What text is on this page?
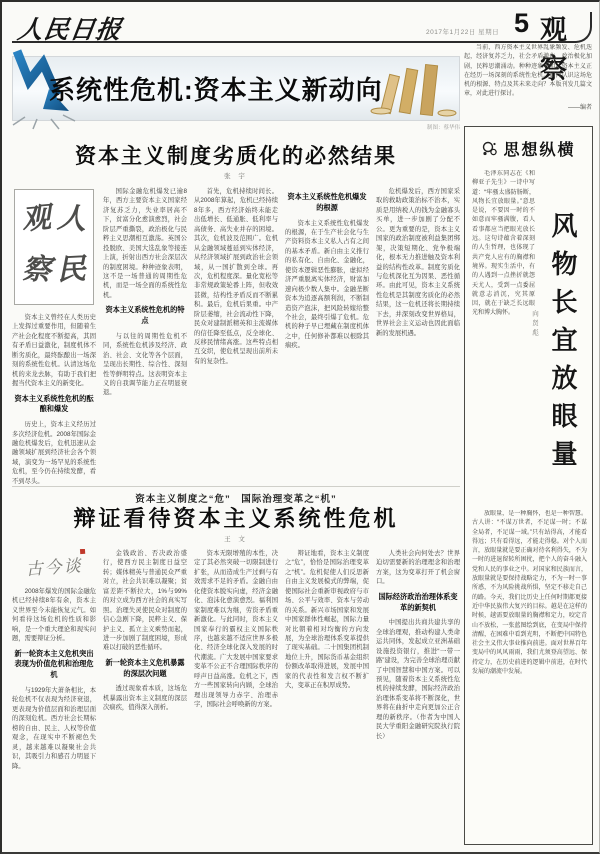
人民日报	2017年1月22日 星期日 5 观察
系统性危机:资本主义新动向
制图：蔡华伟
资本主义制度劣质化的必然结果
张 宇
观 人
察 民

资本主义曾经在人类历史上发挥过重要作用，但随着生产社会化程度不断提高，其固有矛盾日益激化，制度机体不断劣质化，最终酝酿出一场深刻的系统性危机。认清这场危机的来龙去脉，有助于我们把握当代资本主义的新变化。

资本主义系统性危机的酝酿和爆发

历史上，资本主义经历过多次经济危机。2008年国际金融危机爆发后，危机迅速从金融领域扩展到经济社会各个领域，演变为一场罕见的系统性危机，至今仍在持续发酵，看不到尽头。

国际金融危机爆发已逾8年，西方主要资本主义国家经济复苏乏力，失业率居高不下，贫富分化愈演愈烈，社会阶层严重撕裂，政治极化与民粹主义思潮相互激荡。英国公投脱欧、美国大选乱象等接连上演，折射出西方社会深层次的制度困境。种种迹象表明，这不是一场普通的周期性危机，而是一场全面的系统性危机。

资本主义系统性危机的特点

与以往的周期性危机不同，系统性危机涉及经济、政治、社会、文化等各个层面，呈现出长期性、综合性、深刻性等鲜明特点。这表明资本主义的自我调节能力正在明显衰退。

首先，危机持续时间长。从2008年算起，危机已经持续8年多，西方经济始终未能走出低增长、低通胀、低利率与高债务、高失业并存的困境。其次，危机波及范围广。危机从金融领域蔓延到实体经济，从经济领域扩展到政治社会领域，从一国扩散到全球。再次，危机程度深。量化宽松等非常规政策轮番上阵，但收效甚微，结构性矛盾反而不断累积。最后，危机后果重。中产阶层萎缩，社会流动性下降，民众对建制派精英和主流媒体的信任降至低点，反全球化、反移民情绪高涨。这些特点相互交织，使危机呈现出前所未有的复杂性。

资本主义系统性危机爆发的根源

资本主义系统性危机爆发的根源，在于生产社会化与生产资料资本主义私人占有之间的基本矛盾。新自由主义推行的私有化、自由化、金融化，使资本逻辑恶性膨胀，虚拟经济严重脱离实体经济，财富加速向极少数人集中。金融垄断资本为追逐高额利润，不断制造资产泡沫，把风险转嫁给整个社会，最终引爆了危机。危机的种子早已埋藏在制度机体之中，任何修补都难以根除其痼疾。

危机爆发后，西方国家采取的救助政策治标不治本，实质是用纳税人的钱为金融寡头买单，进一步加剧了分配不公。更为重要的是，资本主义国家的政治制度被利益集团绑架，决策短期化、党争极端化，根本无力推进触及资本利益的结构性改革。制度劣质化与危机深化互为因果、恶性循环。由此可见，资本主义系统性危机是其制度劣质化的必然结果，这一危机还将长期持续下去，并深刻改变世界格局，世界社会主义运动也因此面临新的发展机遇。

资本主义制度之“危”　国际治理变革之“机”
辩证看待资本主义系统性危机
王 文
古今谈

2008年爆发的国际金融危机已经持续8年有余，资本主义世界至今未能恢复元气。如何看待这场危机的性质和影响，是一个重大理论和现实问题，需要辩证分析。

新一轮资本主义危机突出表现为价值危机和治理危机

与1929年大萧条相比，本轮危机不仅表现为经济衰退，更表现为价值层面和治理层面的深刻危机。西方社会长期标榜的自由、民主、人权等价值观念，在现实中不断褪色失灵，越来越难以凝聚社会共识，其吸引力和感召力明显下降。

金钱政治、否决政治盛行，使西方民主制度日益空转；媒体精英与普通民众严重对立，社会共识难以凝聚；贫富差距不断拉大，1%与99%的对立成为西方社会的真实写照。治理失灵使民众对制度的信心急剧下降，民粹主义、保护主义、孤立主义乘势而起，进一步加剧了制度困境，形成难以打破的恶性循环。

新一轮资本主义危机暴露的深层次问题

透过现象看本质，这场危机暴露出资本主义制度的深层次痼疾，值得深入剖析。

资本无限增殖的本性，决定了其必然突破一切限制进行扩张，从而造成生产过剩与有效需求不足的矛盾。金融自由化使资本脱实向虚，经济金融化、泡沫化愈演愈烈。福利国家制度难以为继，劳资矛盾重新激化。与此同时，资本主义国家奉行的霸权主义国际秩序，也越来越不适应世界多极化、经济全球化深入发展的时代潮流。广大发展中国家要求变革不公正不合理国际秩序的呼声日益高涨。危机之下，西方一些国家转向内顾，全球治理出现领导力赤字、治理赤字，国际社会呼唤新的方案。

辩证地看，资本主义制度之“危”，恰恰是国际治理变革之“机”。危机促使人们反思新自由主义发展模式的弊端，促使国际社会重新审视政府与市场、公平与效率、资本与劳动的关系。新兴市场国家和发展中国家群体性崛起，国际力量对比朝着相对均衡的方向发展，为全球治理体系变革提供了现实基础。二十国集团机制地位上升，国际货币基金组织份额改革取得进展，发展中国家的代表性和发言权不断扩大，变革正在积厚成势。

人类社会向何处去？世界迫切需要新的治理理念和治理方案，这为变革打开了机会窗口。

国际经济政治治理体系变革的新契机

中国提出共商共建共享的全球治理观，推动构建人类命运共同体，发起成立亚洲基础设施投资银行，推进“一带一路”建设，为完善全球治理贡献了中国智慧和中国方案。可以预见，随着资本主义系统性危机的持续发酵，国际经济政治治理体系变革将不断深化，世界将在曲折中走向更加公正合理的新秩序。（作者为中国人民大学重阳金融研究院执行院长）

当前，西方资本主义世界乱象频发、危机迭起，经济复苏乏力，社会矛盾激化，政治极化加剧，民粹思潮涌动。种种迹象表明，资本主义正在经历一场深刻的系统性危机。如何认识这场危机的根源、特点及其未来走向？本版刊发几篇文章，对此进行探讨。

——编者
思想纵横

毛泽东同志在《和柳亚子先生》一诗中写道：“牢骚太盛防肠断，风物长宜放眼量。”意思是说，不要因一时的不如意而牢骚满腹，看人看事都应当把眼光放长远。这句诗蕴含着深刻的人生哲理，也体现了共产党人应有的胸襟和境界。现实生活中，有的人遇到一点挫折就怨天尤人，受到一点委屈就意志消沉，究其原因，就在于缺乏长远眼光和博大胸怀。	风物长宜放眼量
向贤彪

放眼量，是一种胸怀，也是一种智慧。古人讲：“不谋万世者，不足谋一时；不谋全局者，不足谋一域。”只有站得高，才能看得远；只有看得远，才能走得稳。对个人而言，放眼量就是要正确对待名利得失，不为一时的进退留转所困扰，把个人的奋斗融入党和人民的事业之中。对国家和民族而言，放眼量就是要保持战略定力，不为一时一事所惑，不为风险挑战所惧，坚定不移走自己的路。今天，我们比历史上任何时期都更接近中华民族伟大复兴的目标。越是在这样的时候，越需要放眼量的胸襟和定力，咬定青山不放松，一张蓝图绘到底，在变局中保持清醒，在困难中看到光明，不断把中国特色社会主义伟大事业推向前进。面对世界百年变局中的风风雨雨，我们尤须登高望远、保持定力，在历史前进的逻辑中前进，在时代发展的潮流中发展。
